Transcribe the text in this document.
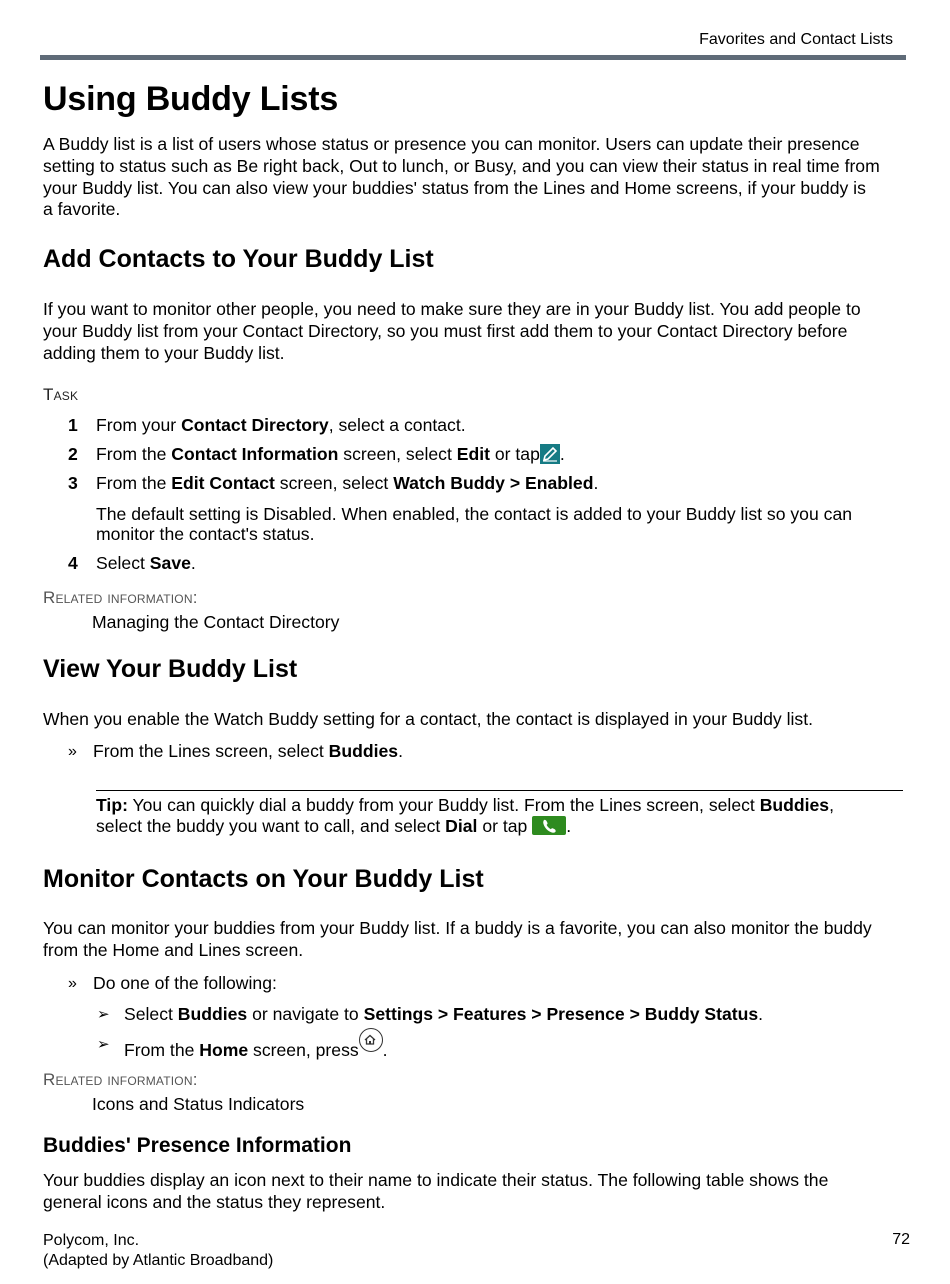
Favorites and Contact Lists
Using Buddy Lists
A Buddy list is a list of users whose status or presence you can monitor. Users can update their presence
setting to status such as Be right back, Out to lunch, or Busy, and you can view their status in real time from
your Buddy list. You can also view your buddies' status from the Lines and Home screens, if your buddy is
a favorite.
Add Contacts to Your Buddy List
If you want to monitor other people, you need to make sure they are in your Buddy list. You add people to
your Buddy list from your Contact Directory, so you must first add them to your Contact Directory before
adding them to your Buddy list.
Task
1 From your Contact Directory, select a contact.
2 From the Contact Information screen, select Edit or tap .
3 From the Edit Contact screen, select Watch Buddy > Enabled.
The default setting is Disabled. When enabled, the contact is added to your Buddy list so you can
monitor the contact's status.
4 Select Save.
Related information:
Managing the Contact Directory
View Your Buddy List
When you enable the Watch Buddy setting for a contact, the contact is displayed in your Buddy list.
» From the Lines screen, select Buddies.
Tip: You can quickly dial a buddy from your Buddy list. From the Lines screen, select Buddies,
select the buddy you want to call, and select Dial or tap
.
Monitor Contacts on Your Buddy List
You can monitor your buddies from your Buddy list. If a buddy is a favorite, you can also monitor the buddy
from the Home and Lines screen.
» Do one of the following:
➢ Select Buddies or navigate to Settings > Features > Presence > Buddy Status.
➢ From the Home screen, press .
Related information:
Icons and Status Indicators
Buddies' Presence Information
Your buddies display an icon next to their name to indicate their status. The following table shows the
general icons and the status they represent.
Polycom, Inc.
(Adapted by Atlantic Broadband)
72
